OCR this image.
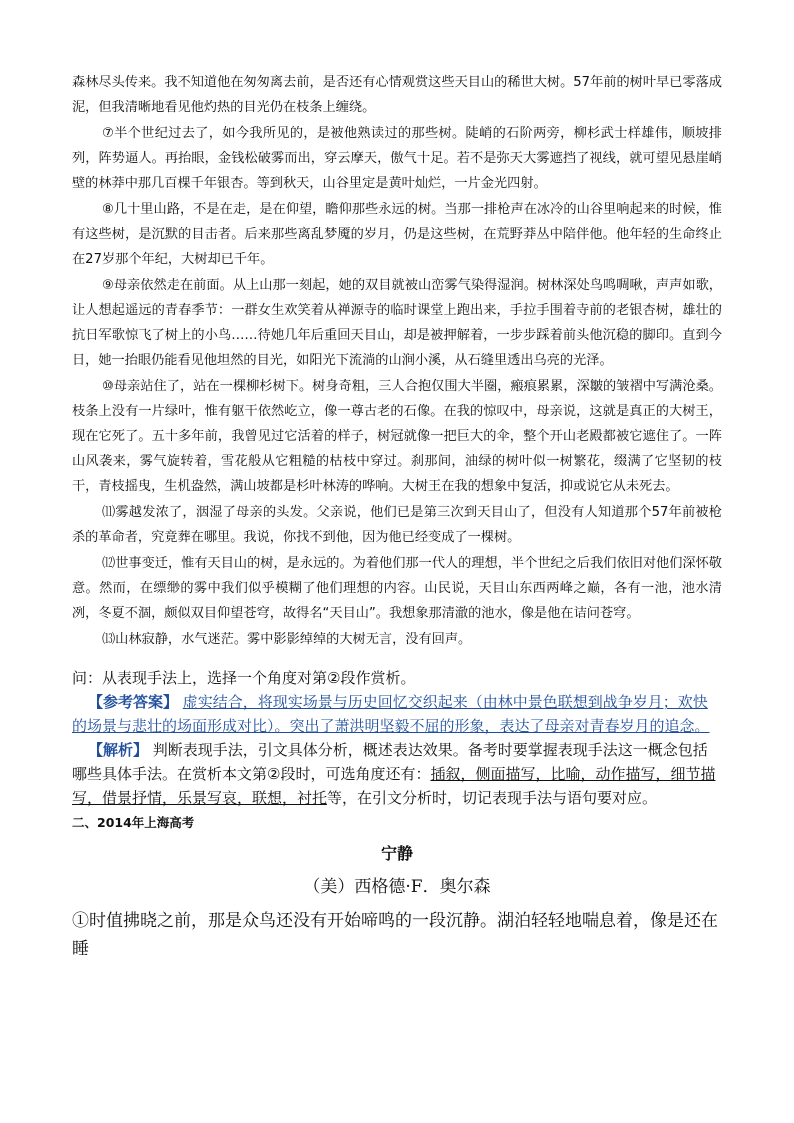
森林尽头传来。我不知道他在匆匆离去前，是否还有心情观赏这些天目山的稀世大树。57年前的树叶早已零落成泥，但我清晰地看见他灼热的目光仍在枝条上缠绕。

⑦半个世纪过去了，如今我所见的，是被他熟读过的那些树。陡峭的石阶两旁，柳杉武士样雄伟，顺坡排列，阵势逼人。再抬眼，金钱松破雾而出，穿云摩天，傲气十足。若不是弥天大雾遮挡了视线，就可望见悬崖峭壁的林莽中那几百棵千年银杏。等到秋天，山谷里定是黄叶灿烂，一片金光四射。

⑧几十里山路，不是在走，是在仰望，瞻仰那些永远的树。当那一排枪声在冰冷的山谷里响起来的时候，惟有这些树，是沉默的目击者。后来那些离乱梦魇的岁月，仍是这些树，在荒野莽丛中陪伴他。他年轻的生命终止在27岁那个年纪，大树却已千年。

⑨母亲依然走在前面。从上山那一刻起，她的双目就被山峦雾气染得湿润。树林深处鸟鸣啁啾，声声如歌，让人想起遥远的青春季节：一群女生欢笑着从禅源寺的临时课堂上跑出来，手拉手围着寺前的老银杏树，雄壮的抗日军歌惊飞了树上的小鸟……待她几年后重回天目山，却是被押解着，一步步踩着前头他沉稳的脚印。直到今日，她一抬眼仍能看见他坦然的目光，如阳光下流淌的山涧小溪，从石缝里透出乌亮的光泽。

⑩母亲站住了，站在一棵柳杉树下。树身奇粗，三人合抱仅围大半圈，瘢痕累累，深皺的皱褶中写满沧桑。枝条上没有一片绿叶，惟有躯干依然屹立，像一尊古老的石像。在我的惊叹中，母亲说，这就是真正的大树王，现在它死了。五十多年前，我曾见过它活着的样子，树冠就像一把巨大的伞，整个开山老殿都被它遮住了。一阵山风袭来，雾气旋转着，雪花般从它粗糙的枯枝中穿过。刹那间，油绿的树叶似一树繁花，缀满了它坚韧的枝干，青枝摇曳，生机盎然，满山坡都是杉叶林涛的哗响。大树王在我的想象中复活，抑或说它从未死去。

⑾雾越发浓了，洇湿了母亲的头发。父亲说，他们已是第三次到天目山了，但没有人知道那个57年前被枪杀的革命者，究竟葬在哪里。我说，你找不到他，因为他已经变成了一棵树。

⑿世事变迁，惟有天目山的树，是永远的。为着他们那一代人的理想，半个世纪之后我们依旧对他们深怀敬意。然而，在缥缈的雾中我们似乎模糊了他们理想的内容。山民说，天目山东西两峰之巅，各有一池，池水清冽，冬夏不涸，颇似双目仰望苍穹，故得名“天目山”。我想象那清澈的池水，像是他在诘问苍穹。

⒀山林寂静，水气迷茫。雾中影影绰绰的大树无言，没有回声。

问：从表现手法上，选择一个角度对第②段作赏析。

【参考答案】 虚实结合，将现实场景与历史回忆交织起来（由林中景色联想到战争岁月；欢快的场景与悲壮的场面形成对比）。突出了萧洪明坚毅不屈的形象，表达了母亲对青春岁月的追念。

【解析】 判断表现手法，引文具体分析，概述表达效果。备考时要掌握表现手法这一概念包括哪些具体手法。在赏析本文第②段时，可选角度还有：插叙，侧面描写，比喻，动作描写，细节描写，借景抒情，乐景写哀，联想，衬托等，在引文分析时，切记表现手法与语句要对应。

二、2014年上海高考

宁静

（美）西格德·F．奥尔森

①时值拂晓之前，那是众鸟还没有开始啼鸣的一段沉静。湖泊轻轻地喘息着，像是还在睡
